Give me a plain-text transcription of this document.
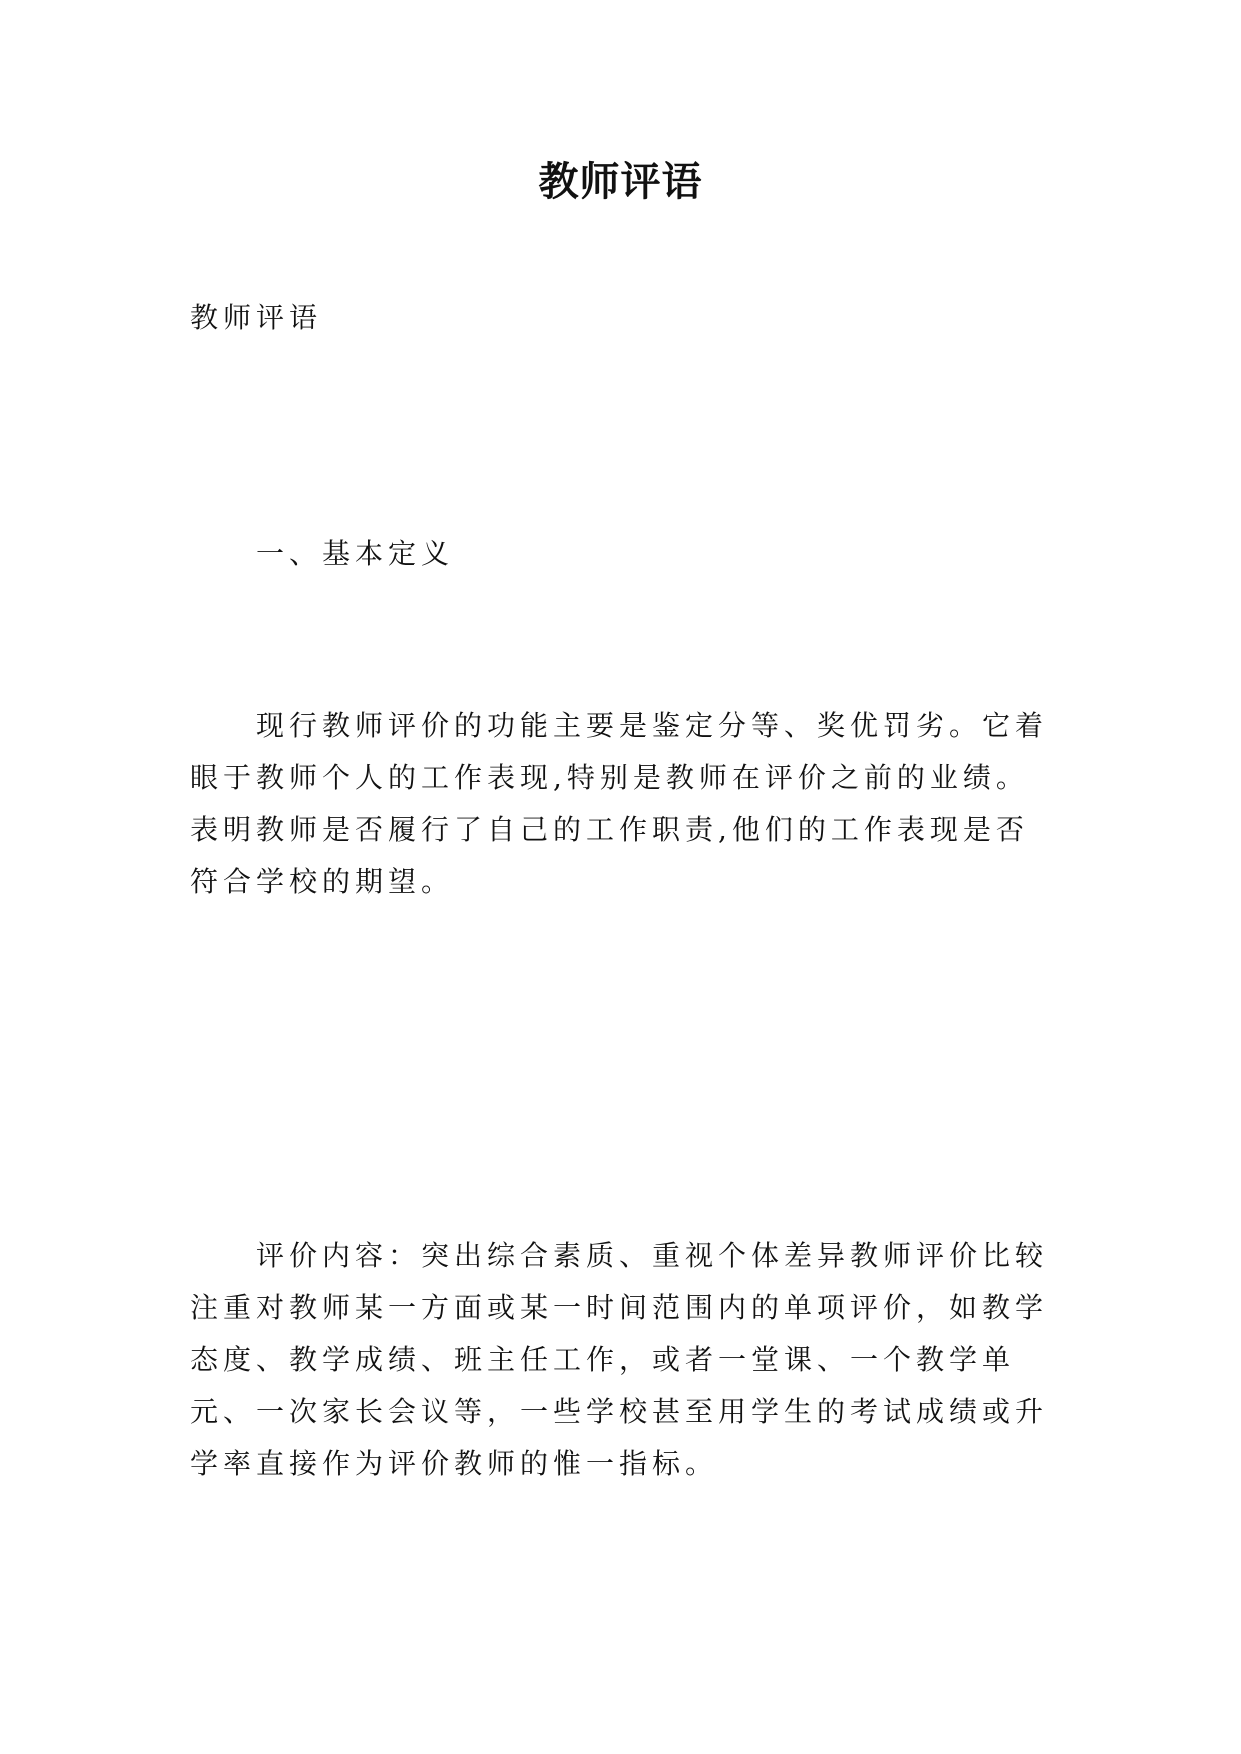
教师评语
教师评语
一、基本定义
现行教师评价的功能主要是鉴定分等、奖优罚劣。它着眼于教师个人的工作表现,特别是教师在评价之前的业绩。表明教师是否履行了自己的工作职责,他们的工作表现是否符合学校的期望。
评价内容：突出综合素质、重视个体差异教师评价比较注重对教师某一方面或某一时间范围内的单项评价，如教学态度、教学成绩、班主任工作，或者一堂课、一个教学单元、一次家长会议等，一些学校甚至用学生的考试成绩或升学率直接作为评价教师的惟一指标。
